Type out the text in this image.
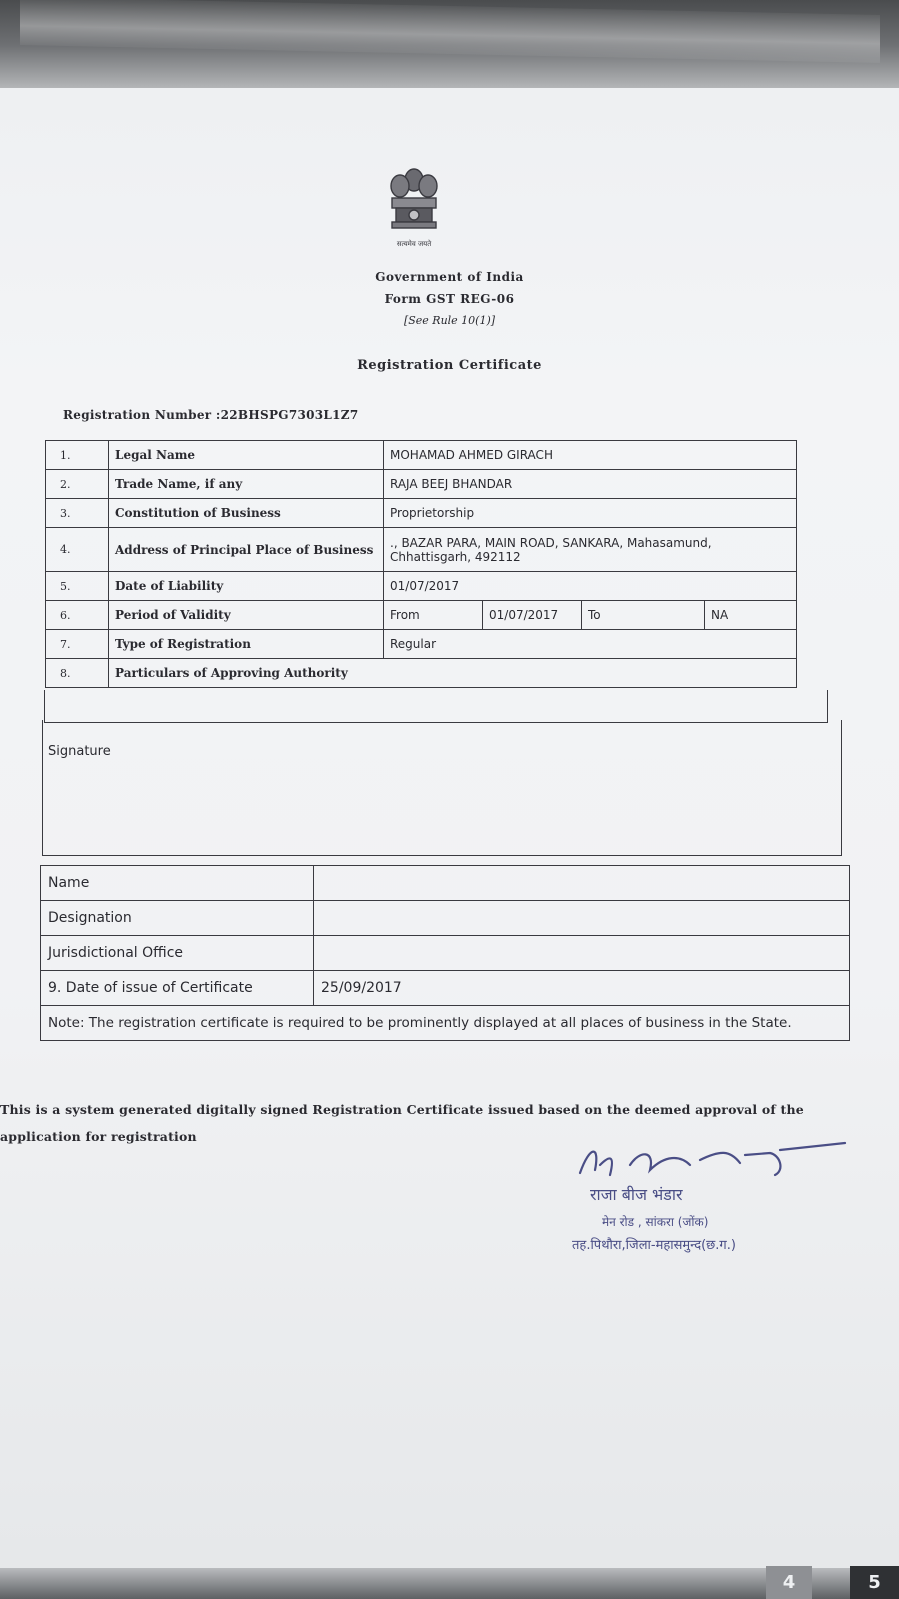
सत्यमेव जयते
Government of India
Form GST REG-06
[See Rule 10(1)]
Registration Certificate
Registration Number :22BHSPG7303L1Z7
1.	Legal Name	MOHAMAD AHMED GIRACH			
2.	Trade Name, if any	RAJA BEEJ BHANDAR			
3.	Constitution of Business	Proprietorship			
4.	Address of Principal Place of Business	., BAZAR PARA, MAIN ROAD, SANKARA, Mahasamund, Chhattisgarh, 492112			
5.	Date of Liability	01/07/2017			
6.	Period of Validity	From	01/07/2017	To	NA
7.	Type of Registration	Regular			
8.	Particulars of Approving Authority				
Signature
Name	
Designation	
Jurisdictional Office	
9. Date of issue of Certificate	25/09/2017
Note: The registration certificate is required to be prominently displayed at all places of business in the State.	
This is a system generated digitally signed Registration Certificate issued based on the deemed approval of the application for registration
राजा बीज भंडार
मेन रोड , सांकरा (जोंक)
तह.पिथौरा,जिला-महासमुन्द(छ.ग.)
4	5
